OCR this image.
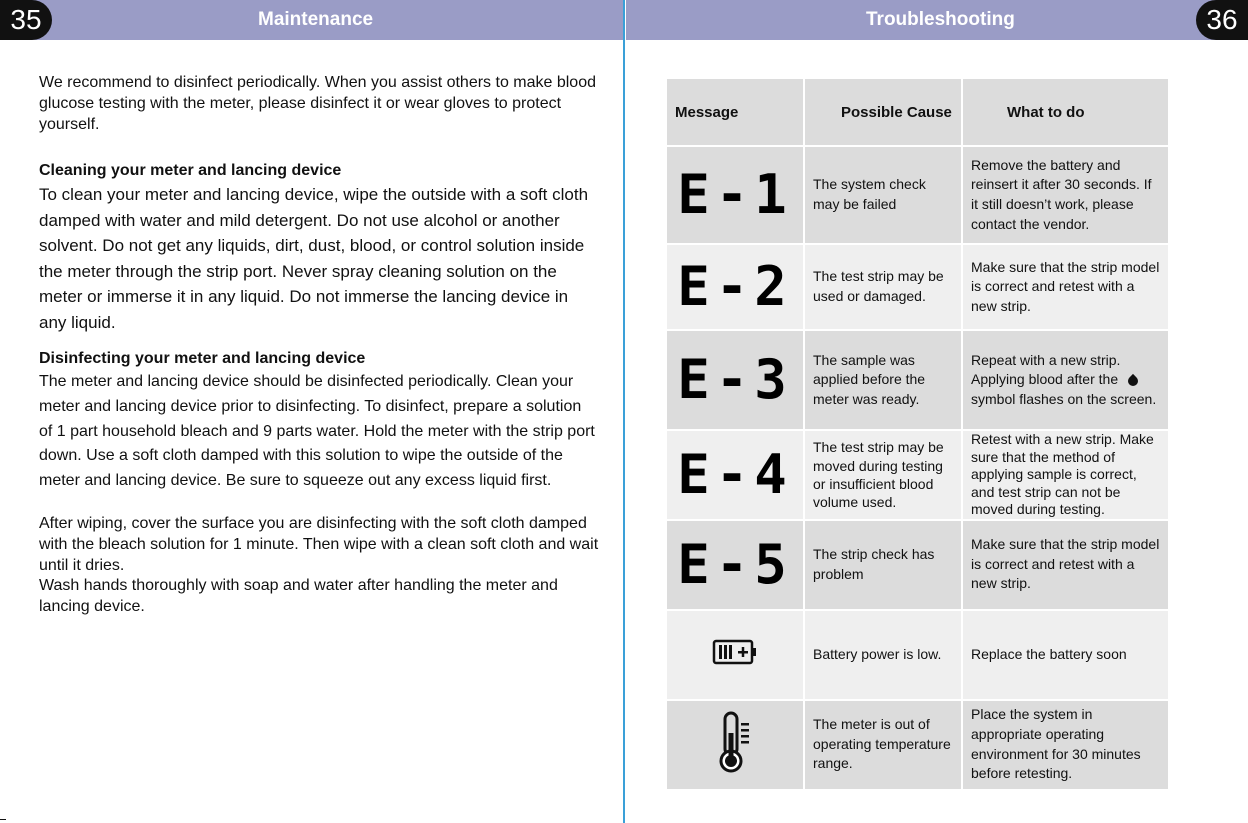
35	Maintenance	Troubleshooting	36

We recommend to disinfect periodically. When you assist others to make blood glucose testing with the meter, please disinfect it or wear gloves to protect yourself.

Cleaning your meter and lancing device

To clean your meter and lancing device, wipe the outside with a soft cloth damped with water and mild detergent. Do not use alcohol or another solvent. Do not get any liquids, dirt, dust, blood, or control solution inside the meter through the strip port. Never spray cleaning solution on the meter or immerse it in any liquid. Do not immerse the lancing device in any liquid.

Disinfecting your meter and lancing device

The meter and lancing device should be disinfected periodically. Clean your meter and lancing device prior to disinfecting. To disinfect, prepare a solution of 1 part household bleach and 9 parts water. Hold the meter with the strip port down. Use a soft cloth damped with this solution to wipe the outside of the meter and lancing device. Be sure to squeeze out any excess liquid first.

After wiping, cover the surface you are disinfecting with the soft cloth damped with the bleach solution for 1 minute. Then wipe with a clean soft cloth and wait until it dries.

Wash hands thoroughly with soap and water after handling the meter and lancing device.

Message	Possible Cause	What to do
E-1	The system check may be failed	Remove the battery and reinsert it after 30 seconds. If it still doesn’t work, please contact the vendor.
E-2	The test strip may be used or damaged.	Make sure that the strip model is correct and retest with a new strip.
E-3	The sample was applied before the meter was ready.	Repeat with a new strip. Applying blood after the  symbol flashes on the screen.
E-4	The test strip may be moved during testing or insufficient blood volume used.	Retest with a new strip. Make sure that the method of applying sample is correct, and test strip can not be moved during testing.
E-5	The strip check has problem	Make sure that the strip model is correct and retest with a new strip.
	Battery power is low.	Replace the battery soon
	The meter is out of operating temperature range.	Place the system in appropriate operating environment for 30 minutes before retesting.
